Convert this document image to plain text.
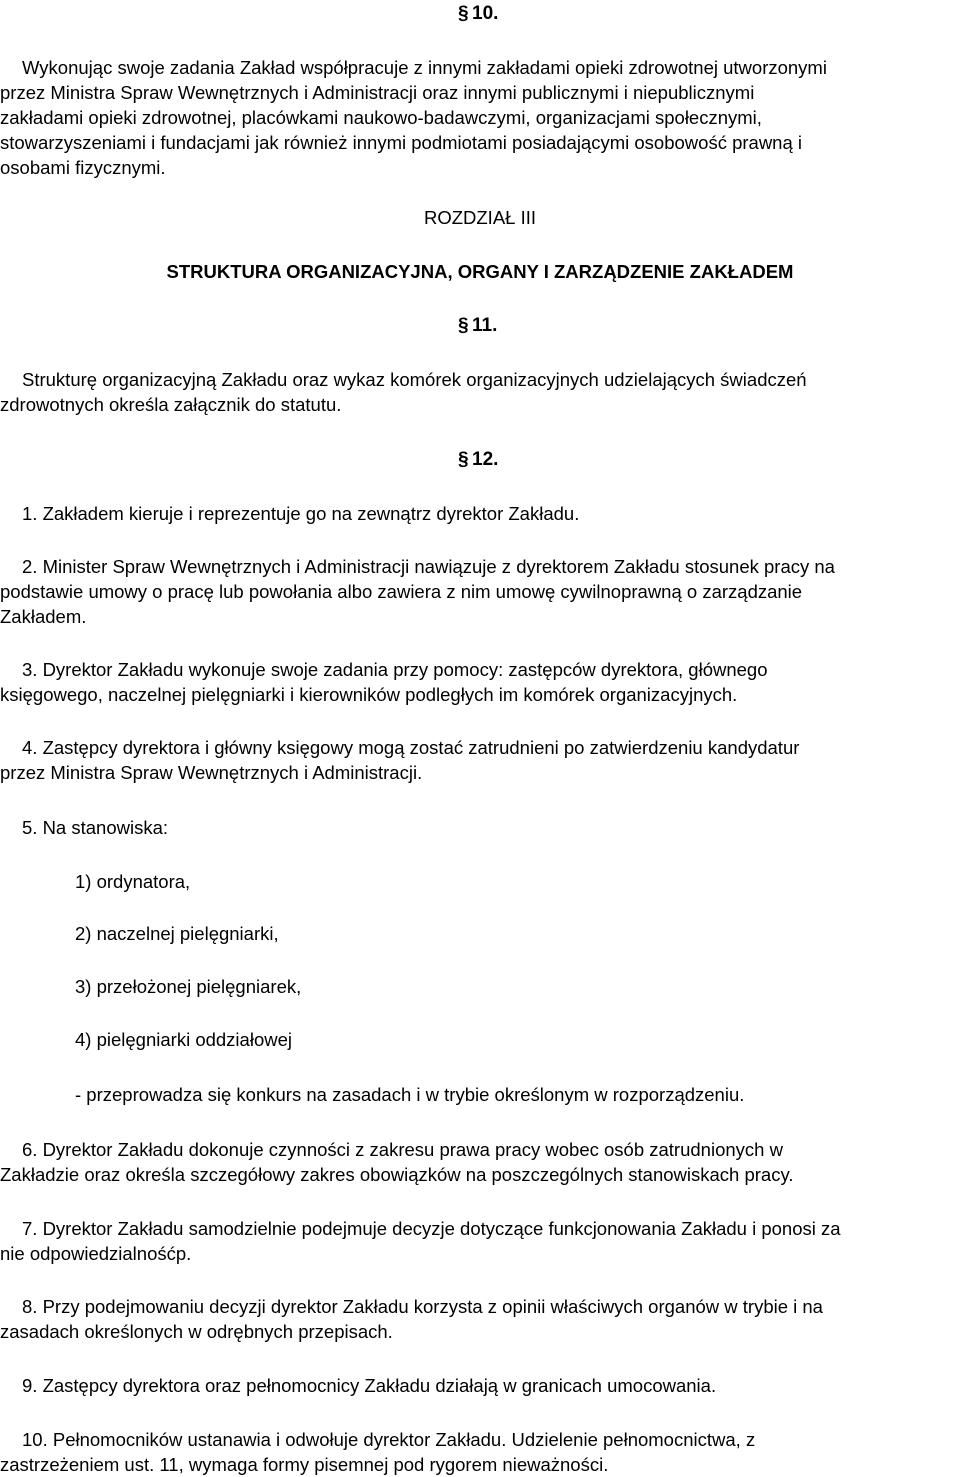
§10.
Wykonując swoje zadania Zakład współpracuje z innymi zakładami opieki zdrowotnej utworzonymi
przez Ministra Spraw Wewnętrznych i Administracji oraz innymi publicznymi i niepublicznymi
zakładami opieki zdrowotnej, placówkami naukowo-badawczymi, organizacjami społecznymi,
stowarzyszeniami i fundacjami jak również innymi podmiotami posiadającymi osobowość prawną i
osobami fizycznymi.
ROZDZIAŁ III
STRUKTURA ORGANIZACYJNA, ORGANY I ZARZĄDZENIE ZAKŁADEM
§11.
Strukturę organizacyjną Zakładu oraz wykaz komórek organizacyjnych udzielających świadczeń
zdrowotnych określa załącznik do statutu.
§12.
1. Zakładem kieruje i reprezentuje go na zewnątrz dyrektor Zakładu.
2. Minister Spraw Wewnętrznych i Administracji nawiązuje z dyrektorem Zakładu stosunek pracy na
podstawie umowy o pracę lub powołania albo zawiera z nim umowę cywilnoprawną o zarządzanie
Zakładem.
3. Dyrektor Zakładu wykonuje swoje zadania przy pomocy: zastępców dyrektora, głównego
księgowego, naczelnej pielęgniarki i kierowników podległych im komórek organizacyjnych.
4. Zastępcy dyrektora i główny księgowy mogą zostać zatrudnieni po zatwierdzeniu kandydatur
przez Ministra Spraw Wewnętrznych i Administracji.
5. Na stanowiska:
1) ordynatora,
2) naczelnej pielęgniarki,
3) przełożonej pielęgniarek,
4) pielęgniarki oddziałowej
- przeprowadza się konkurs na zasadach i w trybie określonym w rozporządzeniu.
6. Dyrektor Zakładu dokonuje czynności z zakresu prawa pracy wobec osób zatrudnionych w
Zakładzie oraz określa szczegółowy zakres obowiązków na poszczególnych stanowiskach pracy.
7. Dyrektor Zakładu samodzielnie podejmuje decyzje dotyczące funkcjonowania Zakładu i ponosi za
nie odpowiedzialnośćp.
8. Przy podejmowaniu decyzji dyrektor Zakładu korzysta z opinii właściwych organów w trybie i na
zasadach określonych w odrębnych przepisach.
9. Zastępcy dyrektora oraz pełnomocnicy Zakładu działają w granicach umocowania.
10. Pełnomocników ustanawia i odwołuje dyrektor Zakładu. Udzielenie pełnomocnictwa, z
zastrzeżeniem ust. 11, wymaga formy pisemnej pod rygorem nieważności.
